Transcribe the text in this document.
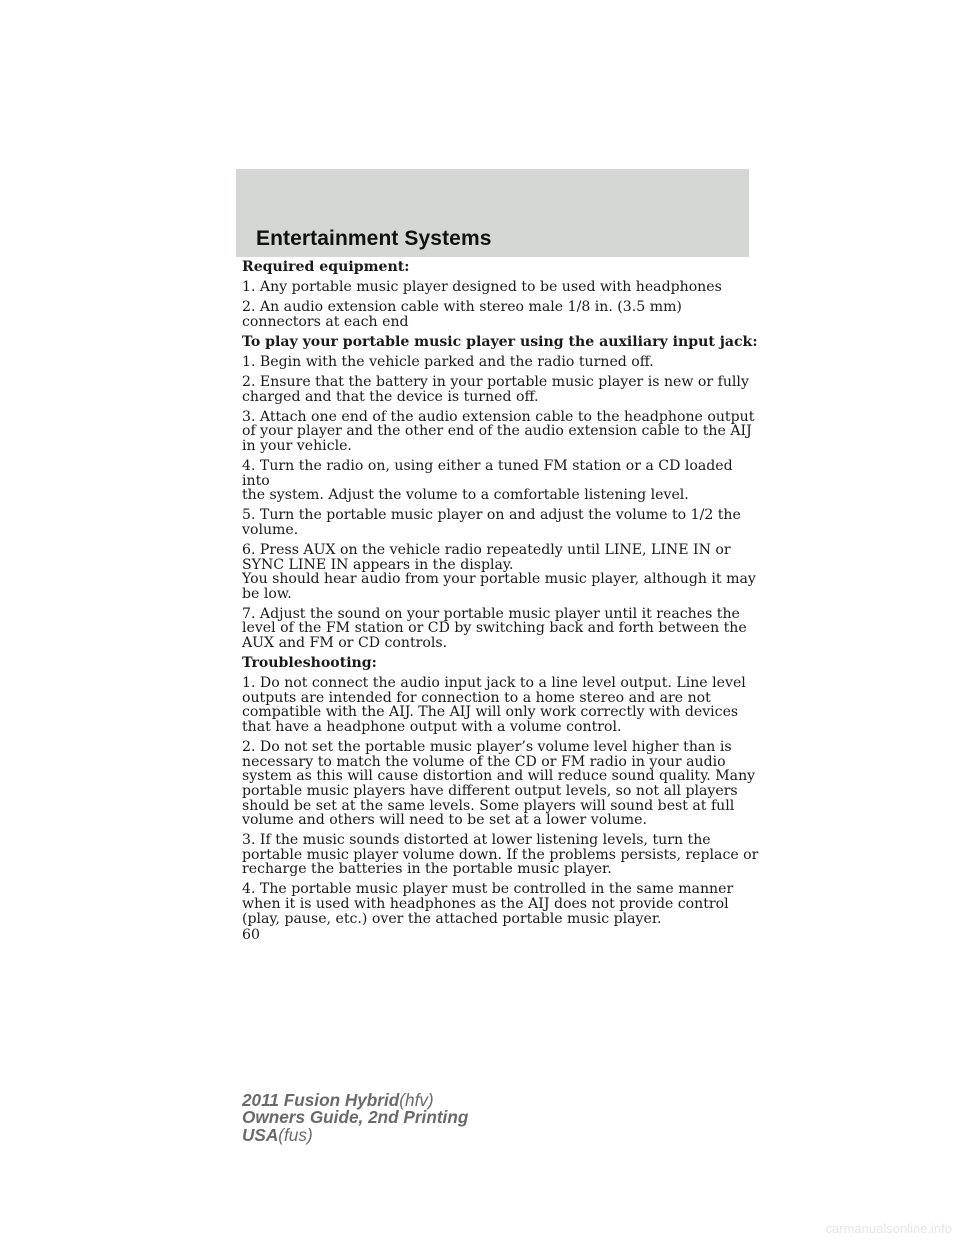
Entertainment Systems

Required equipment:

1. Any portable music player designed to be used with headphones

2. An audio extension cable with stereo male 1/8 in. (3.5 mm)
connectors at each end

To play your portable music player using the auxiliary input jack:

1. Begin with the vehicle parked and the radio turned off.

2. Ensure that the battery in your portable music player is new or fully
charged and that the device is turned off.

3. Attach one end of the audio extension cable to the headphone output
of your player and the other end of the audio extension cable to the AIJ
in your vehicle.

4. Turn the radio on, using either a tuned FM station or a CD loaded into
the system. Adjust the volume to a comfortable listening level.

5. Turn the portable music player on and adjust the volume to 1/2 the
volume.

6. Press AUX on the vehicle radio repeatedly until LINE, LINE IN or
SYNC LINE IN appears in the display.
You should hear audio from your portable music player, although it may
be low.

7. Adjust the sound on your portable music player until it reaches the
level of the FM station or CD by switching back and forth between the
AUX and FM or CD controls.

Troubleshooting:

1. Do not connect the audio input jack to a line level output. Line level
outputs are intended for connection to a home stereo and are not
compatible with the AIJ. The AIJ will only work correctly with devices
that have a headphone output with a volume control.

2. Do not set the portable music player’s volume level higher than is
necessary to match the volume of the CD or FM radio in your audio
system as this will cause distortion and will reduce sound quality. Many
portable music players have different output levels, so not all players
should be set at the same levels. Some players will sound best at full
volume and others will need to be set at a lower volume.

3. If the music sounds distorted at lower listening levels, turn the
portable music player volume down. If the problems persists, replace or
recharge the batteries in the portable music player.

4. The portable music player must be controlled in the same manner
when it is used with headphones as the AIJ does not provide control
(play, pause, etc.) over the attached portable music player.

60

2011 Fusion Hybrid(hfv)
Owners Guide, 2nd Printing
USA(fus)
carmanualsonline.info
